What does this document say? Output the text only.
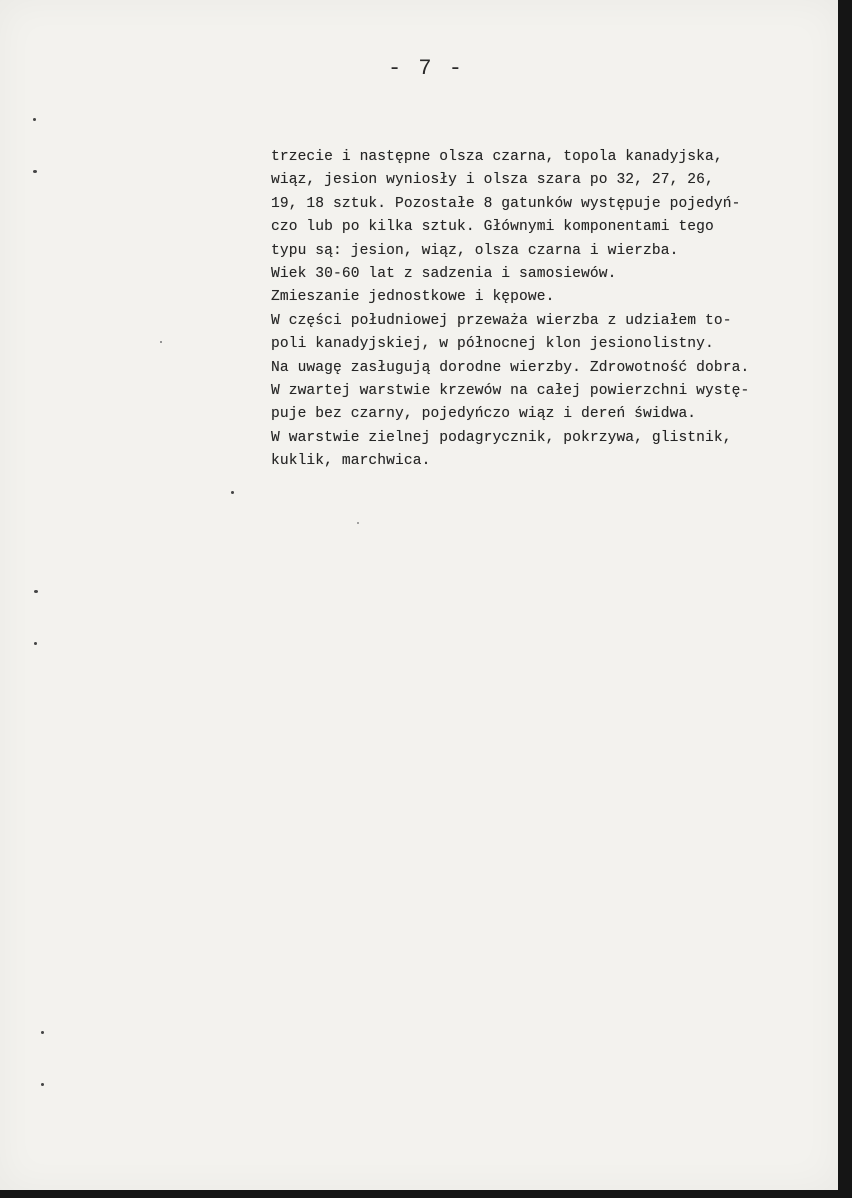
- 7 -
trzecie i następne olsza czarna, topola kanadyjska,
wiąz, jesion wyniosły i olsza szara po 32, 27, 26,
19, 18 sztuk. Pozostałe 8 gatunków występuje pojedyń-
czo lub po kilka sztuk. Głównymi komponentami tego
typu są: jesion, wiąz, olsza czarna i wierzba.
Wiek 30-60 lat z sadzenia i samosiewów.
Zmieszanie jednostkowe i kępowe.
W części południowej przeważa wierzba z udziałem to-
poli kanadyjskiej, w północnej klon jesionolistny.
Na uwagę zasługują dorodne wierzby. Zdrowotność dobra.
W zwartej warstwie krzewów na całej powierzchni wystę-
puje bez czarny, pojedyńczo wiąz i dereń świdwa.
W warstwie zielnej podagrycznik, pokrzywa, glistnik,
kuklik, marchwica.
